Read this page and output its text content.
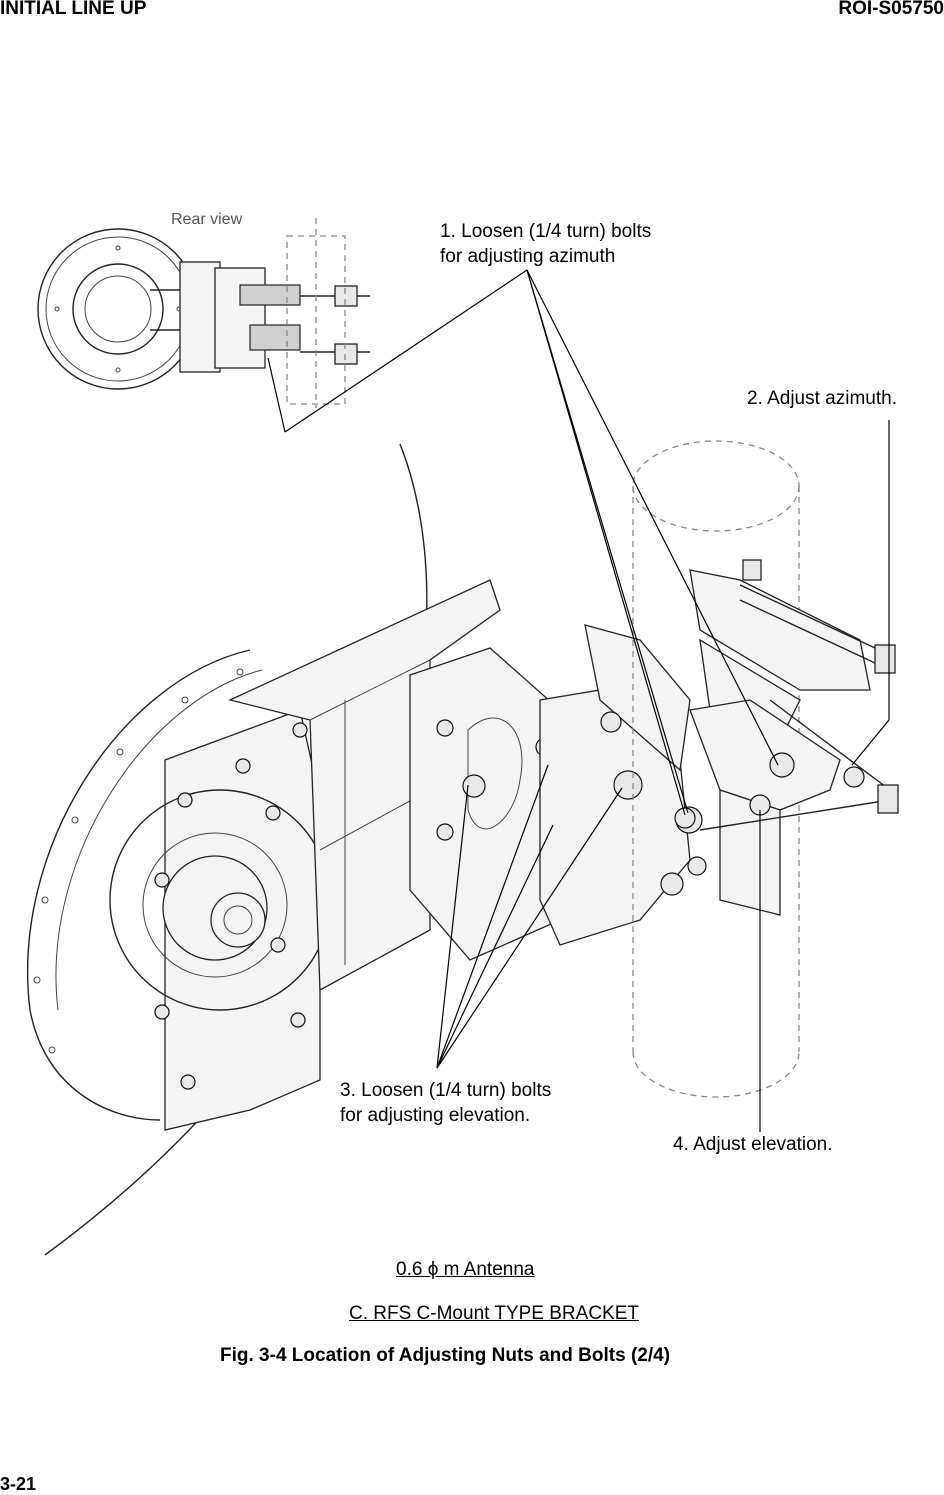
INITIAL LINE UP	ROI-S05750
Rear view
1. Loosen (1/4 turn) bolts
for adjusting azimuth
2. Adjust azimuth.
3. Loosen (1/4 turn) bolts
for adjusting elevation.
4. Adjust elevation.
0.6 ϕ m Antenna
C. RFS C-Mount TYPE BRACKET
Fig. 3-4 Location of Adjusting Nuts and Bolts (2/4)
3-21
